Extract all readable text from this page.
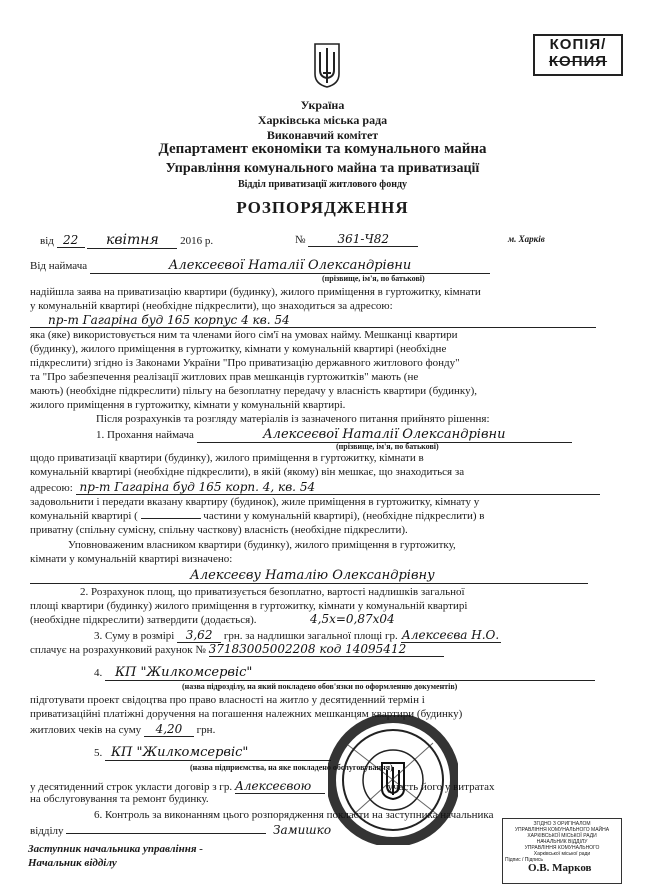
КОПІЯ/
КОПИЯ
Україна
Харківська міська рада
Виконавчий комітет
Департамент економіки та комунального майна
Управління комунального майна та приватизації
Відділ приватизації житлового фонду
РОЗПОРЯДЖЕННЯ
від 22 квітня 2016 р.	№	361-Ч82	м. Харків
Від наймача	Алексеєвої Наталії Олександрівни
(прізвище, ім'я, по батькові)
надійшла заява на приватизацію квартири (будинку), жилого приміщення в гуртожитку, кімнати
у комунальній квартирі (необхідне підкреслити), що знаходиться за адресою:
пр-т Гагаріна буд 165 корпус 4 кв. 54
яка (яке) використовується ним та членами його сім'ї на умовах найму. Мешканці квартири
(будинку), жилого приміщення в гуртожитку, кімнати у комунальній квартирі (необхідне
підкреслити) згідно із Законами України "Про приватизацію державного житлового фонду"
та "Про забезпечення реалізації житлових прав мешканців гуртожитків" мають (не
мають) (необхідне підкреслити) пільгу на безоплатну передачу у власність квартири (будинку),
жилого приміщення в гуртожитку, кімнати у комунальній квартирі.
Після розрахунків та розгляду матеріалів із зазначеного питання прийнято рішення:
1. Прохання наймача	Алексеєвої Наталії Олександрівни
(прізвище, ім'я, по батькові)
щодо приватизації квартири (будинку), жилого приміщення в гуртожитку, кімнати в
комунальній квартирі (необхідне підкреслити), в якій (якому) він мешкає, що знаходиться за
адресою: пр-т Гагаріна буд 165 корп. 4, кв. 54
задовольнити і передати вказану квартиру (будинок), жиле приміщення в гуртожитку, кімнату у
комунальній квартирі (	частини у комунальній квартирі), (необхідне підкреслити) в
приватну (спільну сумісну, спільну часткову) власність (необхідне підкреслити).
Уповноваженим власником квартири (будинку), жилого приміщення в гуртожитку,
кімнати у комунальній квартирі визначено:
Алексеєву Наталію Олександрівну
2. Розрахунок площ, що приватизується безоплатно, вартості надлишків загальної
площі квартири (будинку) жилого приміщення в гуртожитку, кімнати у комунальній квартирі
(необхідне підкреслити) затвердити (додається).	4,5х=0,87х04
3. Суму в розмірі 3,62 грн. за надлишки загальної площі гр. Алексеєва Н.О.
сплачує на розрахунковий рахунок № 37183005002208 код 14095412
4. КП "Жилкомсервіс"
(назва підрозділу, на який покладено обов'язки по оформленню документів)
підготувати проект свідоцтва про право власності на житло у десятиденний термін і
приватизаційні платіжні доручення на погашення належних мешканцям квартири (будинку)
житлових чеків на суму 4,20 грн.
5. КП "Жилкомсервіс"
(назва підприємства, на яке покладено обслуговування)
у десятиденний строк укласти договір з гр. Алексеєвою	участь його у витратах
на обслуговування та ремонт будинку.
6. Контроль за виконанням цього розпорядження покласти на заступника начальника
відділу	Замишко
Заступник начальника управління -
Начальник відділу	О.В. Марков
ЗГІДНО З ОРИГІНАЛОМ
УПРАВЛІННЯ КОМУНАЛЬНОГО МАЙНА
ХАРКІВСЬКОЇ МІСЬКОЇ РАДИ
НАЧАЛЬНИК ВІДДІЛУ
УПРАВЛІННЯ КОМУНАЛЬНОГО
Харківської міської ради
Підпис / Підпись
